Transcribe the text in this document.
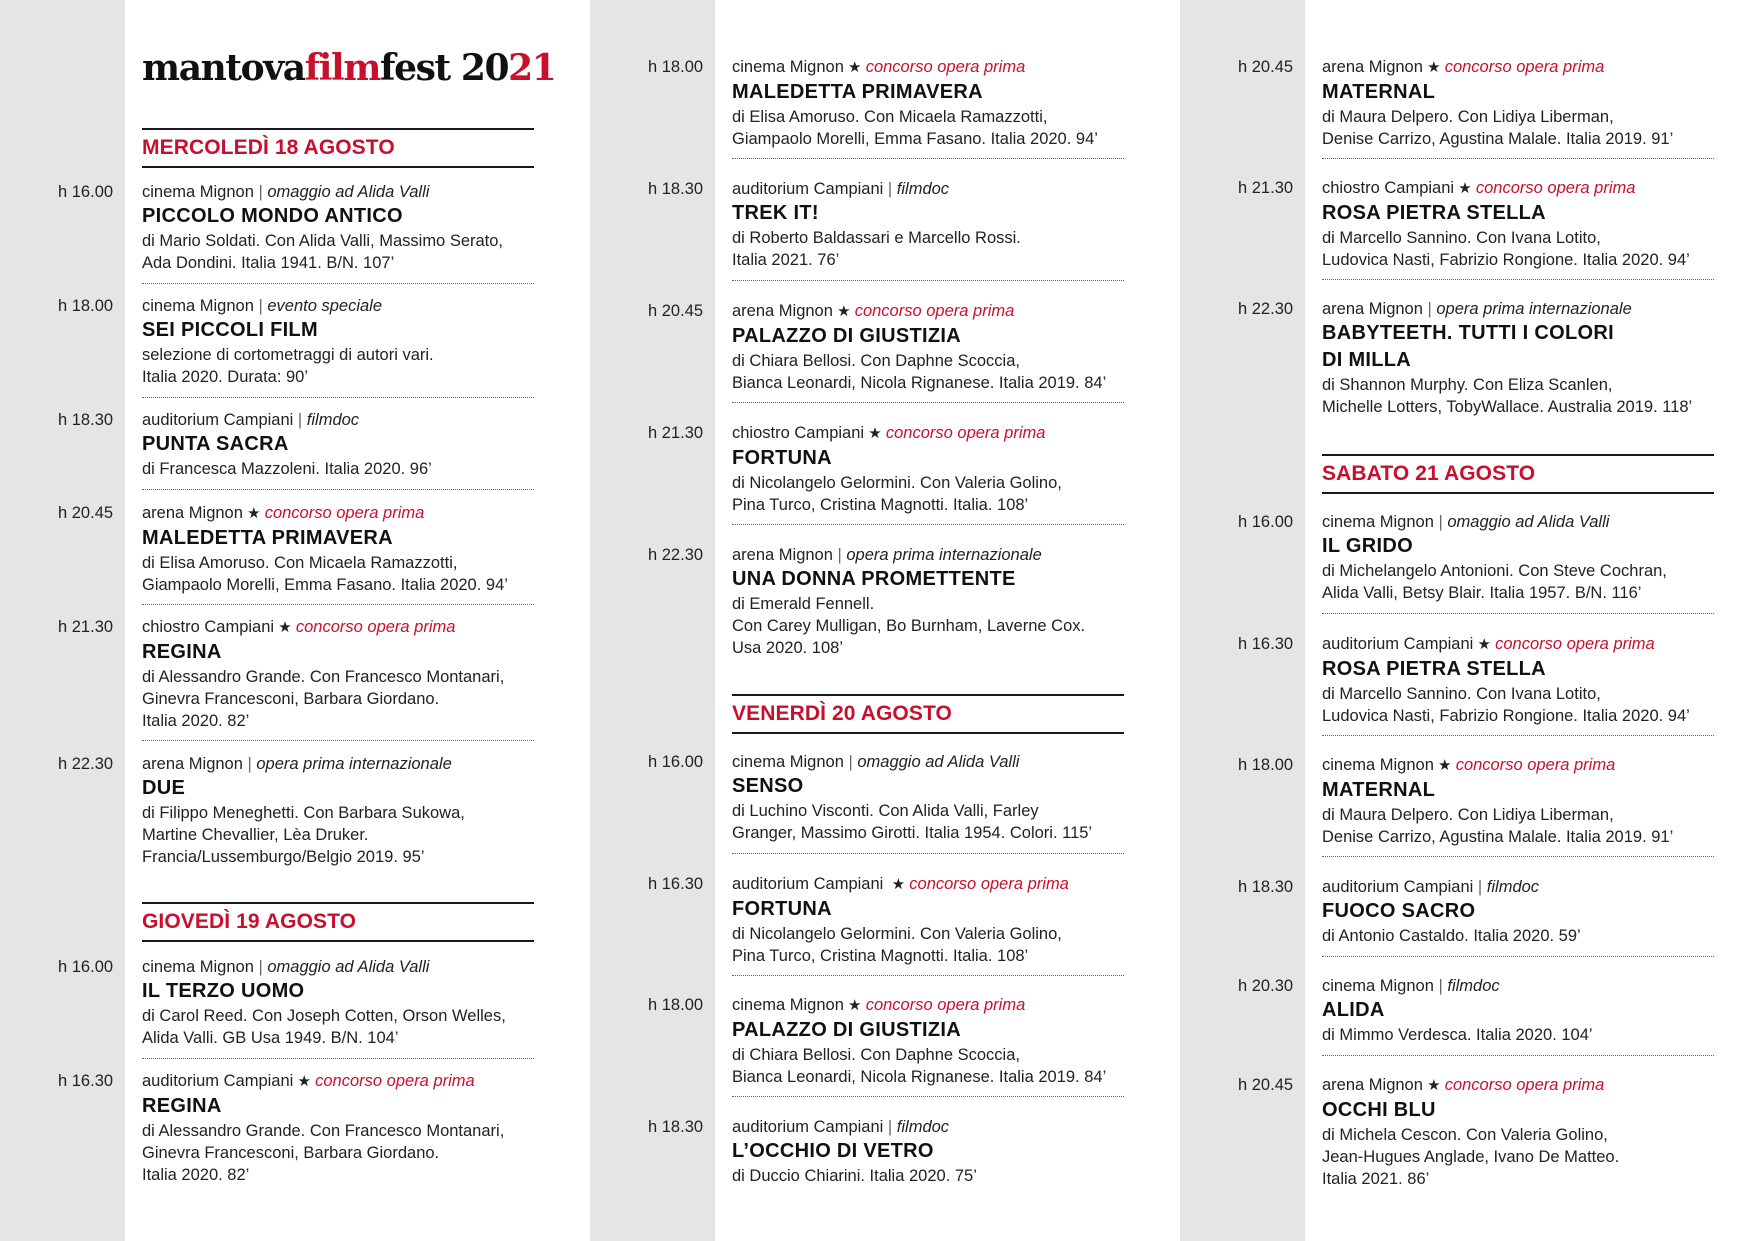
mantovafilmfest 2021
MERCOLEDÌ 18 AGOSTO
h 16.00 cinema Mignon | omaggio ad Alida Valli
PICCOLO MONDO ANTICO
di Mario Soldati. Con Alida Valli, Massimo Serato,
Ada Dondini. Italia 1941. B/N. 107’
h 18.00 cinema Mignon | evento speciale
SEI PICCOLI FILM
selezione di cortometraggi di autori vari.
Italia 2020. Durata: 90’
h 18.30 auditorium Campiani | filmdoc
PUNTA SACRA
di Francesca Mazzoleni. Italia 2020. 96’
h 20.45 arena Mignon ★ concorso opera prima
MALEDETTA PRIMAVERA
di Elisa Amoruso. Con Micaela Ramazzotti,
Giampaolo Morelli, Emma Fasano. Italia 2020. 94’
h 21.30 chiostro Campiani ★ concorso opera prima
REGINA
di Alessandro Grande. Con Francesco Montanari,
Ginevra Francesconi, Barbara Giordano.
Italia 2020. 82’
h 22.30 arena Mignon | opera prima internazionale
DUE
di Filippo Meneghetti. Con Barbara Sukowa,
Martine Chevallier, Lèa Druker.
Francia/Lussemburgo/Belgio 2019. 95’
GIOVEDÌ 19 AGOSTO
h 16.00 cinema Mignon | omaggio ad Alida Valli
IL TERZO UOMO
di Carol Reed. Con Joseph Cotten, Orson Welles,
Alida Valli. GB Usa 1949. B/N. 104’
h 16.30 auditorium Campiani ★ concorso opera prima
REGINA
di Alessandro Grande. Con Francesco Montanari,
Ginevra Francesconi, Barbara Giordano.
Italia 2020. 82’
h 18.00 cinema Mignon ★ concorso opera prima
MALEDETTA PRIMAVERA
di Elisa Amoruso. Con Micaela Ramazzotti,
Giampaolo Morelli, Emma Fasano. Italia 2020. 94’
h 18.30 auditorium Campiani | filmdoc
TREK IT!
di Roberto Baldassari e Marcello Rossi.
Italia 2021. 76’
h 20.45 arena Mignon ★ concorso opera prima
PALAZZO DI GIUSTIZIA
di Chiara Bellosi. Con Daphne Scoccia,
Bianca Leonardi, Nicola Rignanese. Italia 2019. 84’
h 21.30 chiostro Campiani ★ concorso opera prima
FORTUNA
di Nicolangelo Gelormini. Con Valeria Golino,
Pina Turco, Cristina Magnotti. Italia. 108’
h 22.30 arena Mignon | opera prima internazionale
UNA DONNA PROMETTENTE
di Emerald Fennell.
Con Carey Mulligan, Bo Burnham, Laverne Cox.
Usa 2020. 108’
VENERDÌ 20 AGOSTO
h 16.00 cinema Mignon | omaggio ad Alida Valli
SENSO
di Luchino Visconti. Con Alida Valli, Farley
Granger, Massimo Girotti. Italia 1954. Colori. 115’
h 16.30 auditorium Campiani  ★ concorso opera prima
FORTUNA
di Nicolangelo Gelormini. Con Valeria Golino,
Pina Turco, Cristina Magnotti. Italia. 108’
h 18.00 cinema Mignon ★ concorso opera prima
PALAZZO DI GIUSTIZIA
di Chiara Bellosi. Con Daphne Scoccia,
Bianca Leonardi, Nicola Rignanese. Italia 2019. 84’
h 18.30 auditorium Campiani | filmdoc
L’OCCHIO DI VETRO
di Duccio Chiarini. Italia 2020. 75’
h 20.45 arena Mignon ★ concorso opera prima
MATERNAL
di Maura Delpero. Con Lidiya Liberman,
Denise Carrizo, Agustina Malale. Italia 2019. 91’
h 21.30 chiostro Campiani ★ concorso opera prima
ROSA PIETRA STELLA
di Marcello Sannino. Con Ivana Lotito,
Ludovica Nasti, Fabrizio Rongione. Italia 2020. 94’
h 22.30 arena Mignon | opera prima internazionale
BABYTEETH. TUTTI I COLORI DI MILLA
di Shannon Murphy. Con Eliza Scanlen,
Michelle Lotters, TobyWallace. Australia 2019. 118’
SABATO 21 AGOSTO
h 16.00 cinema Mignon | omaggio ad Alida Valli
IL GRIDO
di Michelangelo Antonioni. Con Steve Cochran,
Alida Valli, Betsy Blair. Italia 1957. B/N. 116’
h 16.30 auditorium Campiani ★ concorso opera prima
ROSA PIETRA STELLA
di Marcello Sannino. Con Ivana Lotito,
Ludovica Nasti, Fabrizio Rongione. Italia 2020. 94’
h 18.00 cinema Mignon ★ concorso opera prima
MATERNAL
di Maura Delpero. Con Lidiya Liberman,
Denise Carrizo, Agustina Malale. Italia 2019. 91’
h 18.30 auditorium Campiani | filmdoc
FUOCO SACRO
di Antonio Castaldo. Italia 2020. 59’
h 20.30 cinema Mignon | filmdoc
ALIDA
di Mimmo Verdesca. Italia 2020. 104’
h 20.45 arena Mignon ★ concorso opera prima
OCCHI BLU
di Michela Cescon. Con Valeria Golino,
Jean-Hugues Anglade, Ivano De Matteo.
Italia 2021. 86’
